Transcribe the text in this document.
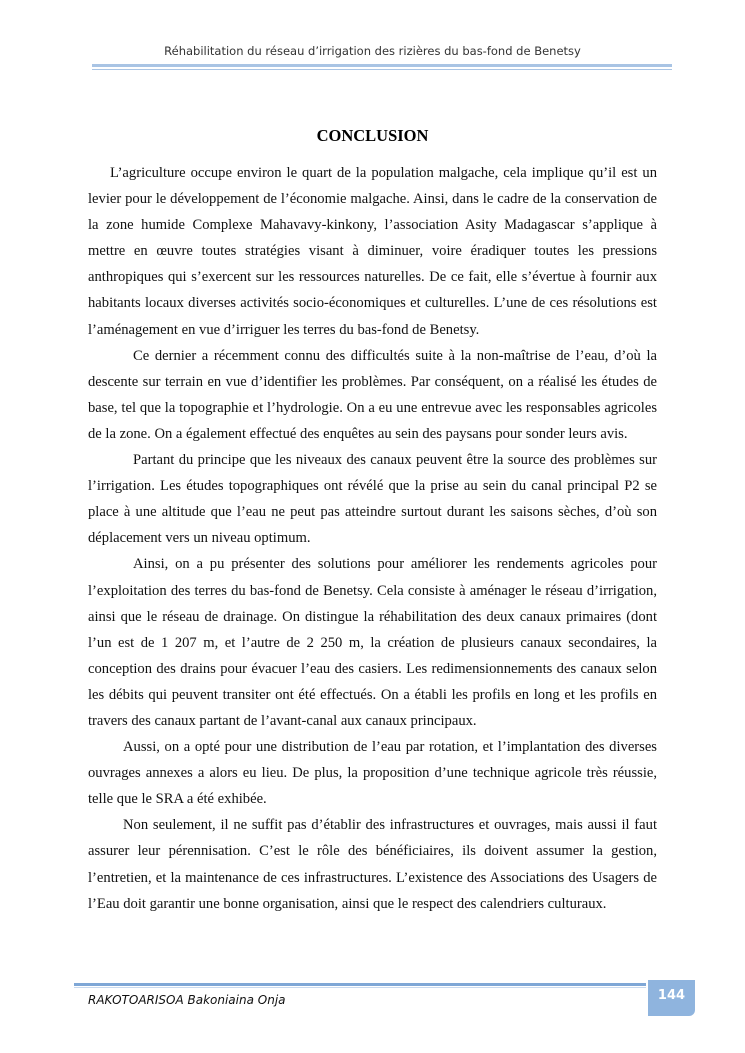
Réhabilitation du réseau d’irrigation des rizières du bas-fond de Benetsy
CONCLUSION

L’agriculture occupe environ le quart de la population malgache, cela implique qu’il est un levier pour le développement de l’économie malgache. Ainsi, dans le cadre de la conservation de la zone humide Complexe Mahavavy-kinkony, l’association Asity Madagascar s’applique à mettre en œuvre toutes stratégies visant à diminuer, voire éradiquer toutes les pressions anthropiques qui s’exercent sur les ressources naturelles. De ce fait, elle s’évertue à fournir aux habitants locaux diverses activités socio-économiques et culturelles. L’une de ces résolutions est l’aménagement en vue d’irriguer les terres du bas-fond de Benetsy.

Ce dernier a récemment connu des difficultés suite à la non-maîtrise de l’eau, d’où la descente sur terrain en vue d’identifier les problèmes. Par conséquent, on a réalisé les études de base, tel que la topographie et l’hydrologie. On a eu une entrevue avec les responsables agricoles de la zone. On a également effectué des enquêtes au sein des paysans pour sonder leurs avis.

Partant du principe que les niveaux des canaux peuvent être la source des problèmes sur l’irrigation. Les études topographiques ont révélé que la prise au sein du canal principal P2 se place à une altitude que l’eau ne peut pas atteindre surtout durant les saisons sèches, d’où son déplacement vers un niveau optimum.

Ainsi, on a pu présenter des solutions pour améliorer les rendements agricoles pour l’exploitation des terres du bas-fond de Benetsy. Cela consiste à aménager le réseau d’irrigation, ainsi que le réseau de drainage. On distingue la réhabilitation des deux canaux primaires (dont l’un est de 1 207 m, et l’autre de 2 250 m, la création de plusieurs canaux secondaires, la conception des drains pour évacuer l’eau des casiers. Les redimensionnements des canaux selon les débits qui peuvent transiter ont été effectués. On a établi les profils en long et les profils en travers des canaux partant de l’avant-canal aux canaux principaux.

Aussi, on a opté pour une distribution de l’eau par rotation, et l’implantation des diverses ouvrages annexes a alors eu lieu. De plus, la proposition d’une technique agricole très réussie, telle que le SRA a été exhibée.

Non seulement, il ne suffit pas d’établir des infrastructures et ouvrages, mais aussi il faut assurer leur pérennisation. C’est le rôle des bénéficiaires, ils doivent assumer la gestion, l’entretien, et la maintenance de ces infrastructures. L’existence des Associations des Usagers de l’Eau doit garantir une bonne organisation, ainsi que le respect des calendriers culturaux.

RAKOTOARISOA Bakoniaina Onja	144
